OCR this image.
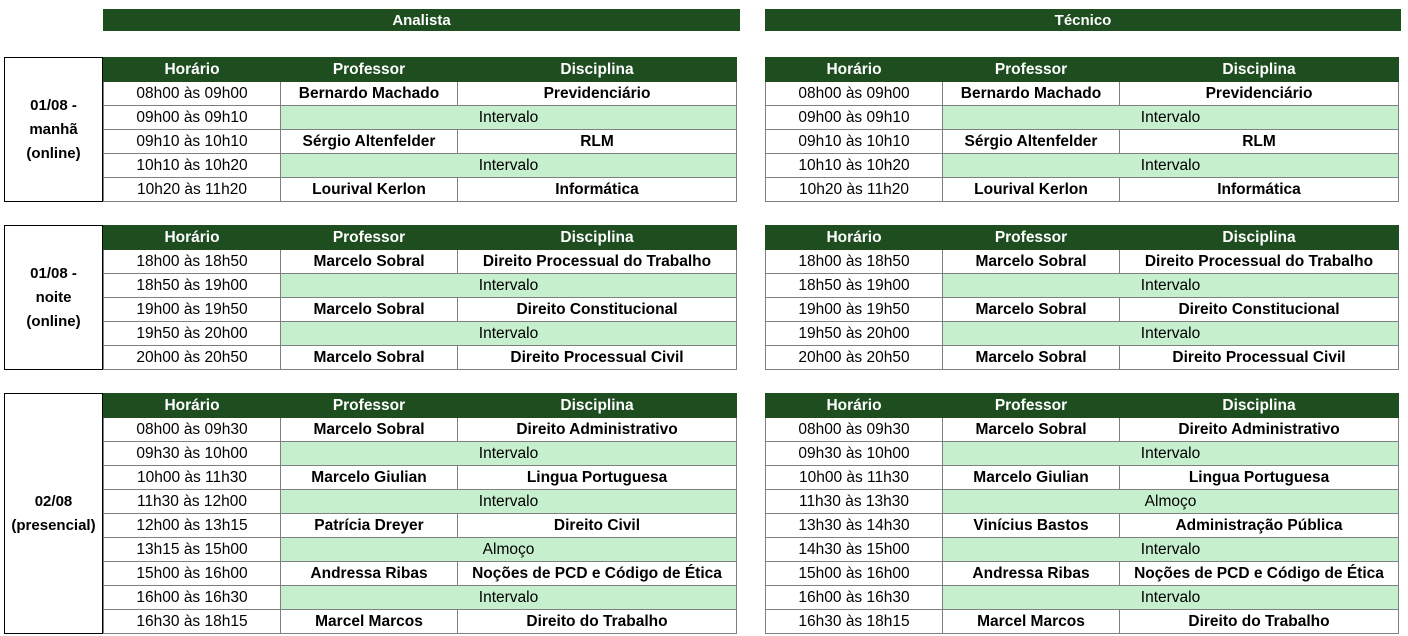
Analista	Técnico
01/08 -
manhã
(online)
Horário	Professor	Disciplina
08h00 às 09h00	Bernardo Machado	Previdenciário
09h00 às 09h10	Intervalo	
09h10 às 10h10	Sérgio Altenfelder	RLM
10h10 às 10h20	Intervalo	
10h20 às 11h20	Lourival Kerlon	Informática
Horário	Professor	Disciplina
08h00 às 09h00	Bernardo Machado	Previdenciário
09h00 às 09h10	Intervalo	
09h10 às 10h10	Sérgio Altenfelder	RLM
10h10 às 10h20	Intervalo	
10h20 às 11h20	Lourival Kerlon	Informática
01/08 -
noite
(online)
Horário	Professor	Disciplina
18h00 às 18h50	Marcelo Sobral	Direito Processual do Trabalho
18h50 às 19h00	Intervalo	
19h00 às 19h50	Marcelo Sobral	Direito Constitucional
19h50 às 20h00	Intervalo	
20h00 às 20h50	Marcelo Sobral	Direito Processual Civil
Horário	Professor	Disciplina
18h00 às 18h50	Marcelo Sobral	Direito Processual do Trabalho
18h50 às 19h00	Intervalo	
19h00 às 19h50	Marcelo Sobral	Direito Constitucional
19h50 às 20h00	Intervalo	
20h00 às 20h50	Marcelo Sobral	Direito Processual Civil
02/08
(presencial)
Horário	Professor	Disciplina
08h00 às 09h30	Marcelo Sobral	Direito Administrativo
09h30 às 10h00	Intervalo	
10h00 às 11h30	Marcelo Giulian	Lingua Portuguesa
11h30 às 12h00	Intervalo	
12h00 às 13h15	Patrícia Dreyer	Direito Civil
13h15 às 15h00	Almoço	
15h00 às 16h00	Andressa Ribas	Noções de PCD e Código de Ética
16h00 às 16h30	Intervalo	
16h30 às 18h15	Marcel Marcos	Direito do Trabalho
Horário	Professor	Disciplina
08h00 às 09h30	Marcelo Sobral	Direito Administrativo
09h30 às 10h00	Intervalo	
10h00 às 11h30	Marcelo Giulian	Lingua Portuguesa
11h30 às 13h30	Almoço	
13h30 às 14h30	Vinícius Bastos	Administração Pública
14h30 às 15h00	Intervalo	
15h00 às 16h00	Andressa Ribas	Noções de PCD e Código de Ética
16h00 às 16h30	Intervalo	
16h30 às 18h15	Marcel Marcos	Direito do Trabalho
